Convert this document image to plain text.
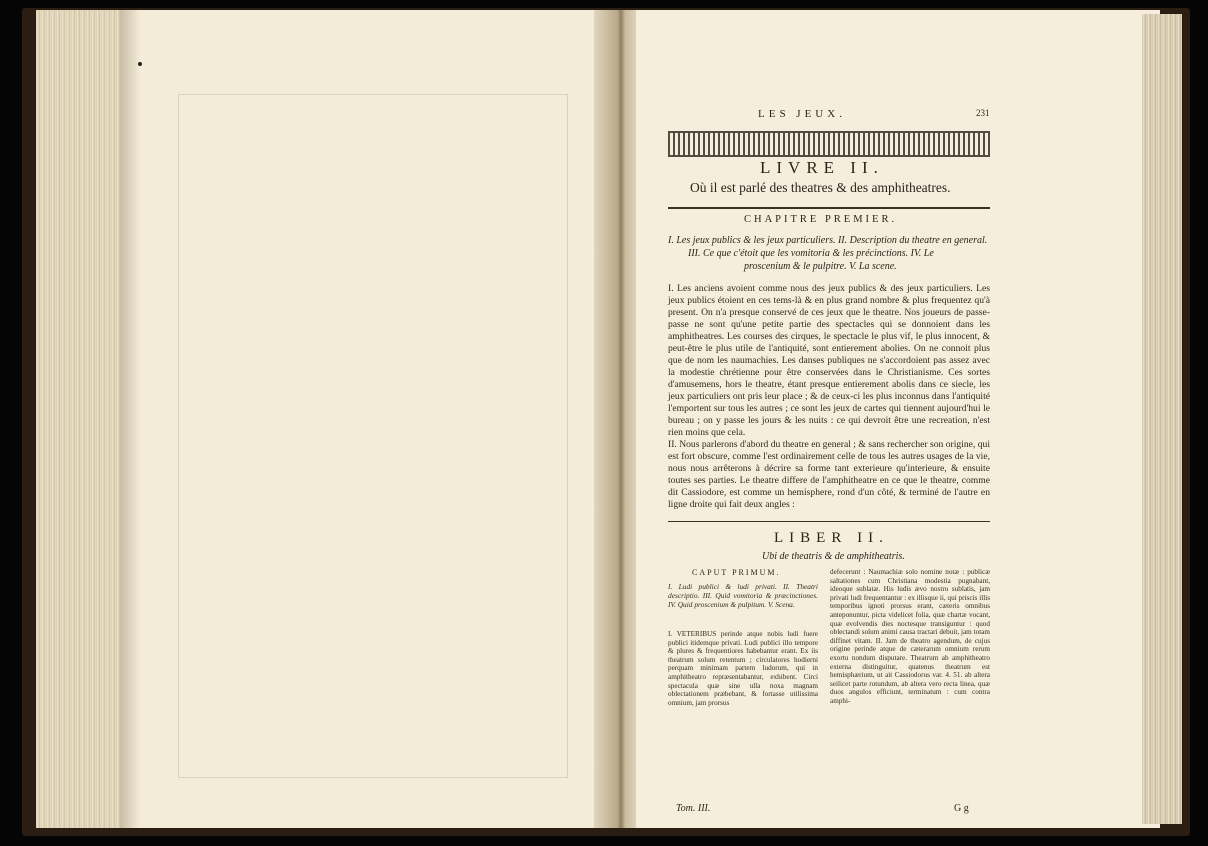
LES JEUX.	231
LIVRE II.
Où il est parlé des theatres & des amphitheatres.
CHAPITRE PREMIER.
I. Les jeux publics & les jeux particuliers. II. Description du theatre en general.
III. Ce que c'étoit que les vomitoria & les précinctions. IV. Le
proscenium & le pulpitre. V. La scene.

I. Les anciens avoient comme nous des jeux publics & des jeux particuliers. Les jeux publics étoient en ces tems-là & en plus grand nombre & plus frequentez qu'à present. On n'a presque conservé de ces jeux que le theatre. Nos joueurs de passe-passe ne sont qu'une petite partie des spectacles qui se donnoient dans les amphitheatres. Les courses des cirques, le spectacle le plus vif, le plus innocent, & peut-être le plus utile de l'antiquité, sont entierement abolies. On ne connoit plus que de nom les naumachies. Les danses publiques ne s'accordoient pas assez avec la modestie chrétienne pour être conservées dans le Christianisme. Ces sortes d'amusemens, hors le theatre, étant presque entierement abolis dans ce siecle, les jeux particuliers ont pris leur place ; & de ceux-ci les plus inconnus dans l'antiquité l'emportent sur tous les autres ; ce sont les jeux de cartes qui tiennent aujourd'hui le bureau ; on y passe les jours & les nuits : ce qui devroit être une recreation, n'est rien moins que cela.

II. Nous parlerons d'abord du theatre en general ; & sans rechercher son origine, qui est fort obscure, comme l'est ordinairement celle de tous les autres usages de la vie, nous nous arrêterons à décrire sa forme tant exterieure qu'interieure, & ensuite toutes ses parties. Le theatre differe de l'amphitheatre en ce que le theatre, comme dit Cassiodore, est comme un hemisphere, rond d'un côté, & terminé de l'autre en ligne droite qui fait deux angles :

LIBER II.
Ubi de theatris & de amphitheatris.
CAPUT PRIMUM.
I. Ludi publici & ludi privati. II. Theatri descriptio. III. Quid vomitoria & præcinctiones. IV. Quid proscenium & pulpitum. V. Scena.
I. VETERIBUS perinde atque nobis ludi fuere publici itidemque privati. Ludi publici illo tempore & plures & frequentiores habebantur erant. Ex iis theatrum solum retentum ; circulatores hodierni perquam minimam partem ludorum, qui in amphitheatro repræsentabantur, exhibent. Circi spectacula quæ sine ulla noxa magnam oblectationem præbebant, & fortasse utilissima omnium, jam prorsus
defecerunt : Naumachiæ solo nomine notæ : publicæ saltationes cum Christiana modestia pugnabant, ideoque sublatæ. His ludis ævo nostro sublatis, jam privati ludi frequentantur : ex illisque ii, qui priscis illis temporibus ignoti prorsus erant, cæteris omnibus anteponuntur, picta videlicet folia, quæ chartæ vocant, quæ evolvendis dies noctesque transiguntur : quod oblectandi solum animi causa tractari debuit, jam totam diffinet vitam. II. Jam de theatro agendum, de cujus origine perinde atque de cæterarum omnium rerum exortu nondum disputare. Theatrum ab amphitheatro externa distinguitur, quatenus theatrum est hemisphærium, ut ait Cassiodorus var. 4. 51. ab altera seilicet parte rotundum, ab altera vero recta linea, quæ duos angulos efficiunt, terminatum : cum contra amphi-
Tom. III.	G g
